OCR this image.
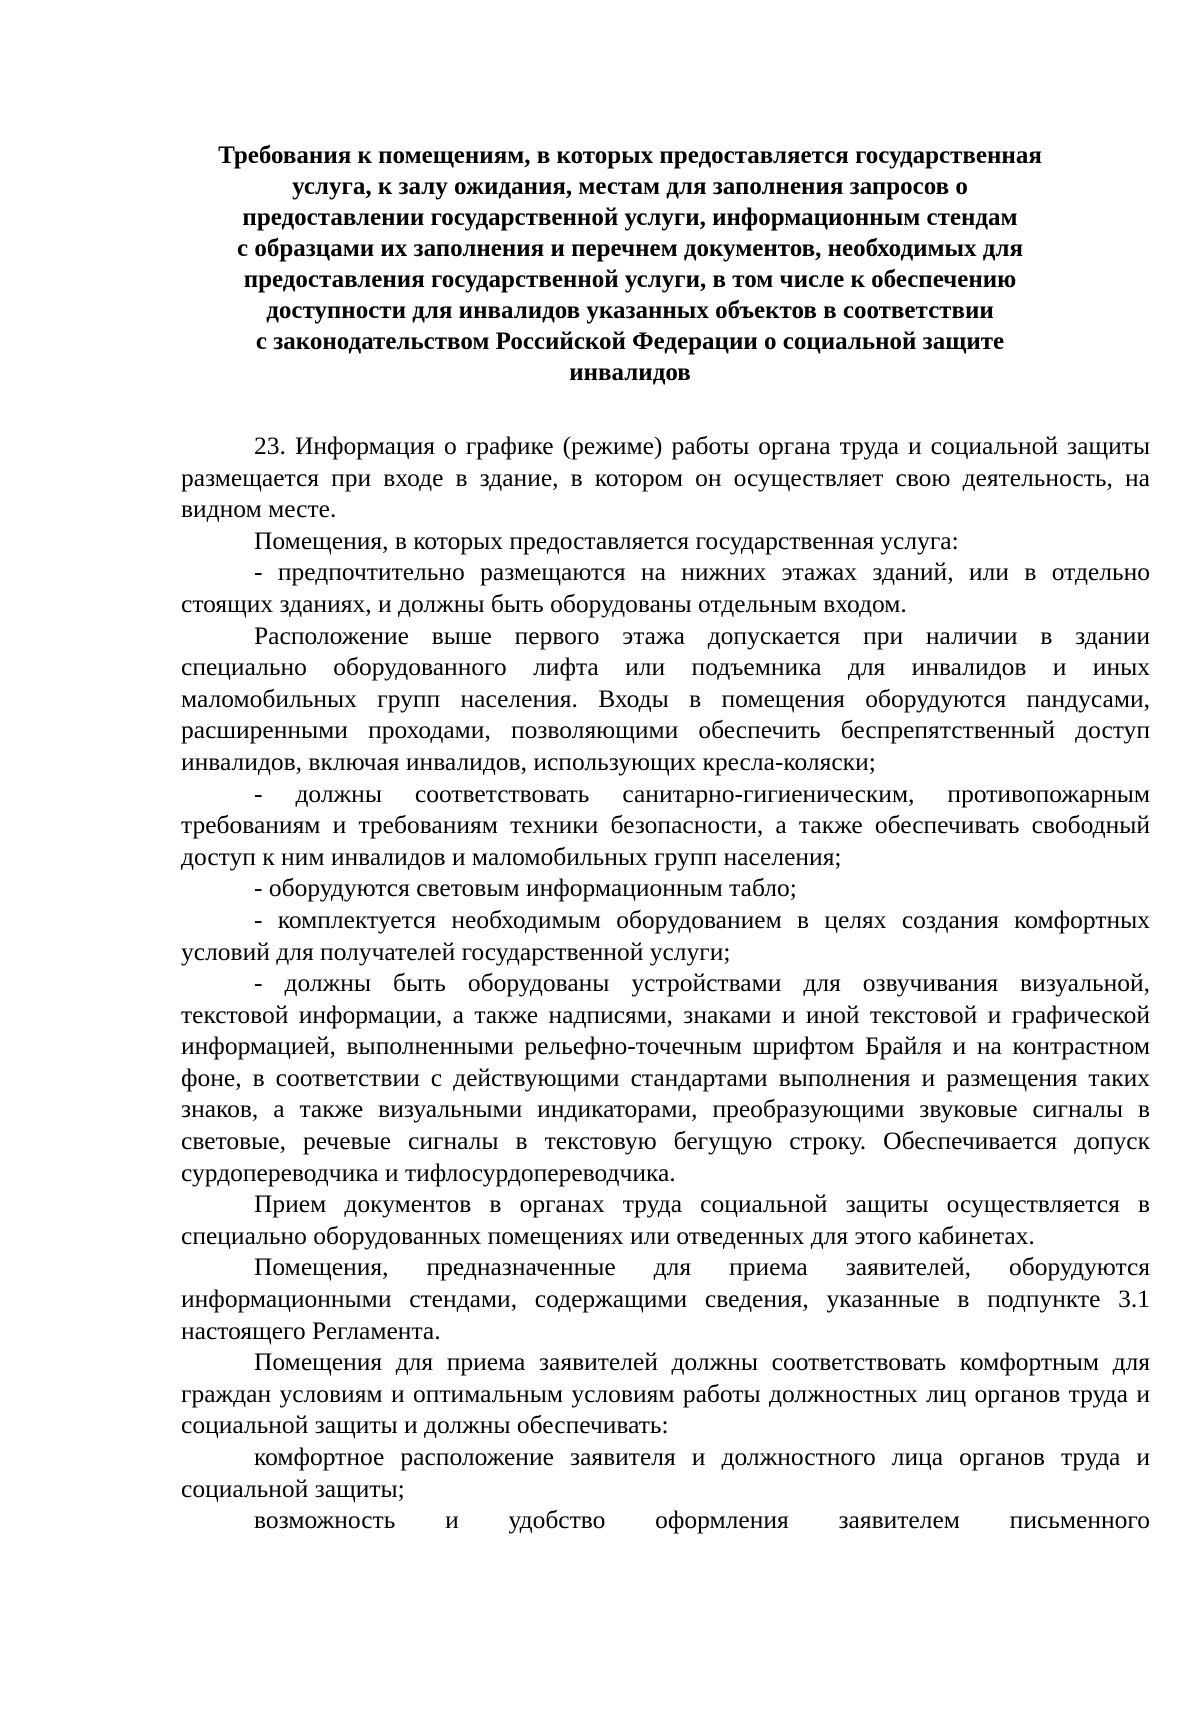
Требования к помещениям, в которых предоставляется государственная
услуга, к залу ожидания, местам для заполнения запросов о
предоставлении государственной услуги, информационным стендам
с образцами их заполнения и перечнем документов, необходимых для
предоставления государственной услуги, в том числе к обеспечению
доступности для инвалидов указанных объектов в соответствии
с законодательством Российской Федерации о социальной защите
инвалидов

23. Информация о графике (режиме) работы органа труда и социальной защиты размещается при входе в здание, в котором он осуществляет свою деятельность, на видном месте.

Помещения, в которых предоставляется государственная услуга:

- предпочтительно размещаются на нижних этажах зданий, или в отдельно стоящих зданиях, и должны быть оборудованы отдельным входом.

Расположение выше первого этажа допускается при наличии в здании специально оборудованного лифта или подъемника для инвалидов и иных маломобильных групп населения. Входы в помещения оборудуются пандусами, расширенными проходами, позволяющими обеспечить беспрепятственный доступ инвалидов, включая инвалидов, использующих кресла-коляски;

- должны соответствовать санитарно-гигиеническим, противопожарным требованиям и требованиям техники безопасности, а также обеспечивать свободный доступ к ним инвалидов и маломобильных групп населения;

- оборудуются световым информационным табло;

- комплектуется необходимым оборудованием в целях создания комфортных условий для получателей государственной услуги;

- должны быть оборудованы устройствами для озвучивания визуальной, текстовой информации, а также надписями, знаками и иной текстовой и графической информацией, выполненными рельефно-точечным шрифтом Брайля и на контрастном фоне, в соответствии с действующими стандартами выполнения и размещения таких знаков, а также визуальными индикаторами, преобразующими звуковые сигналы в световые, речевые сигналы в текстовую бегущую строку. Обеспечивается допуск сурдопереводчика и тифлосурдопереводчика.

Прием документов в органах труда социальной защиты осуществляется в специально оборудованных помещениях или отведенных для этого кабинетах.

Помещения, предназначенные для приема заявителей, оборудуются информационными стендами, содержащими сведения, указанные в подпункте 3.1 настоящего Регламента.

Помещения для приема заявителей должны соответствовать комфортным для граждан условиям и оптимальным условиям работы должностных лиц органов труда и социальной защиты и должны обеспечивать:

комфортное расположение заявителя и должностного лица органов труда и социальной защиты;

возможность и удобство оформления заявителем письменного
